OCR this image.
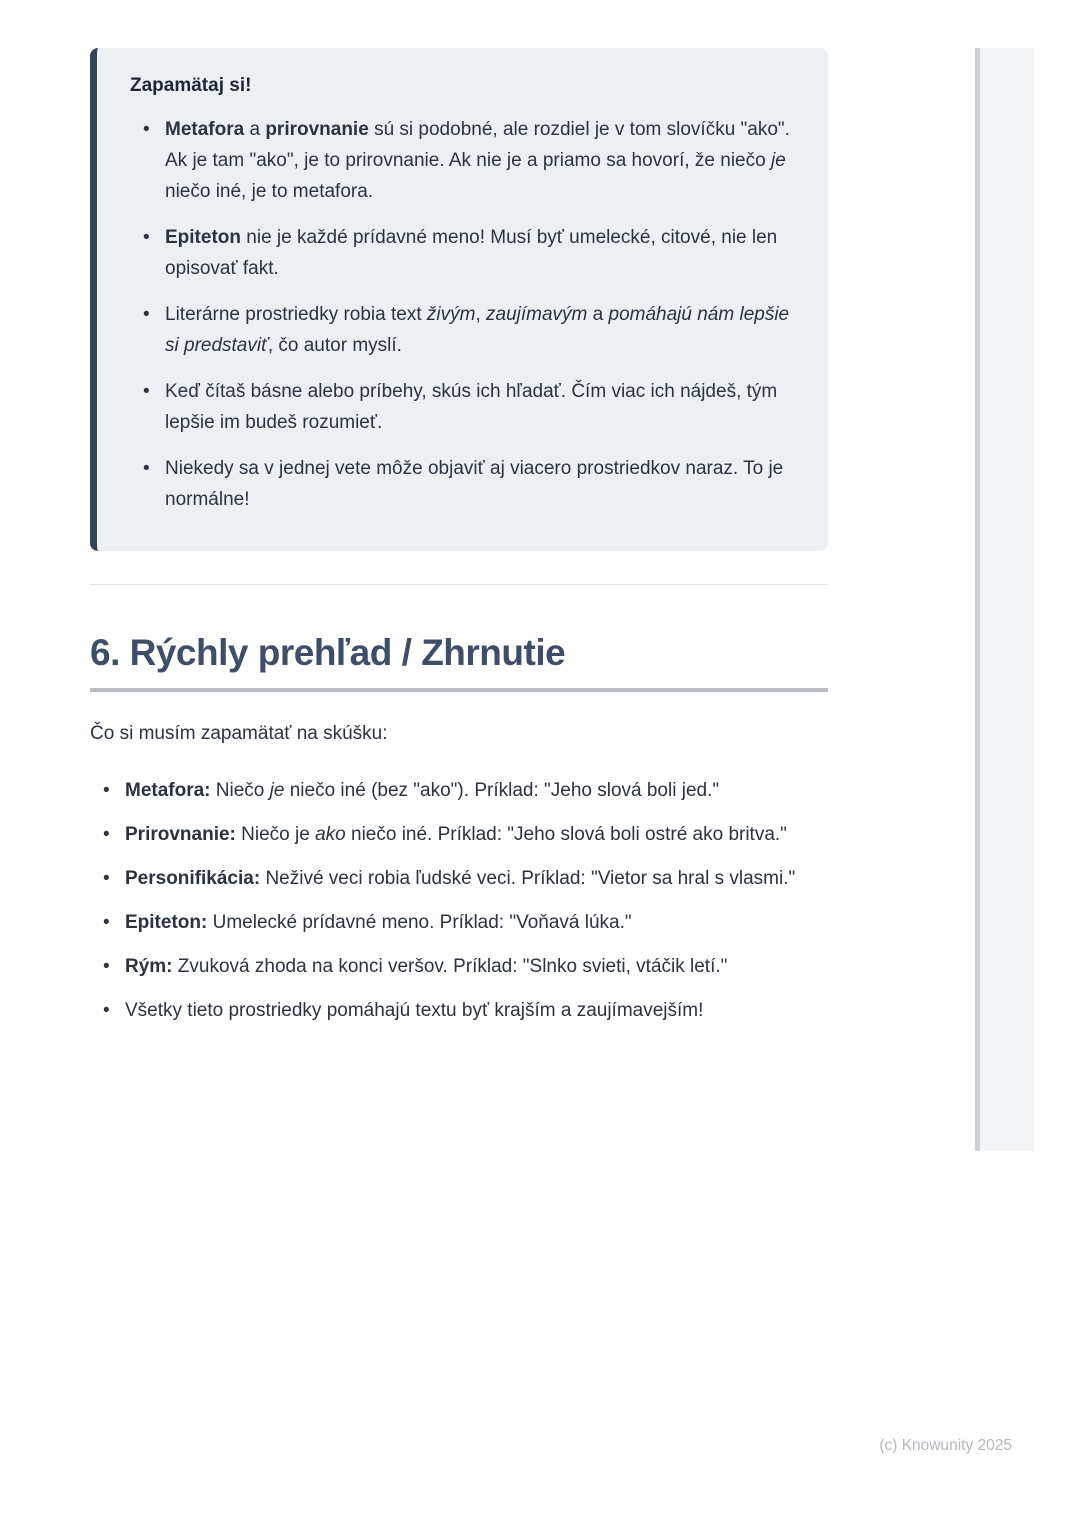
Zapamätaj si!
• Metafora a prirovnanie sú si podobné, ale rozdiel je v tom slovíčku "ako". Ak je tam "ako", je to prirovnanie. Ak nie je a priamo sa hovorí, že niečo je niečo iné, je to metafora.
• Epiteton nie je každé prídavné meno! Musí byť umelecké, citové, nie len opisovať fakt.
• Literárne prostriedky robia text živým, zaujímavým a pomáhajú nám lepšie si predstaviť, čo autor myslí.
• Keď čítaš básne alebo príbehy, skús ich hľadať. Čím viac ich nájdeš, tým lepšie im budeš rozumieť.
• Niekedy sa v jednej vete môže objaviť aj viacero prostriedkov naraz. To je normálne!
6. Rýchly prehľad / Zhrnutie

Čo si musím zapamätať na skúšku:

• Metafora: Niečo je niečo iné (bez "ako"). Príklad: "Jeho slová boli jed."
• Prirovnanie: Niečo je ako niečo iné. Príklad: "Jeho slová boli ostré ako britva."
• Personifikácia: Neživé veci robia ľudské veci. Príklad: "Vietor sa hral s vlasmi."
• Epiteton: Umelecké prídavné meno. Príklad: "Voňavá lúka."
• Rým: Zvuková zhoda na konci veršov. Príklad: "Slnko svieti, vtáčik letí."
• Všetky tieto prostriedky pomáhajú textu byť krajším a zaujímavejším!
(c) Knowunity 2025
